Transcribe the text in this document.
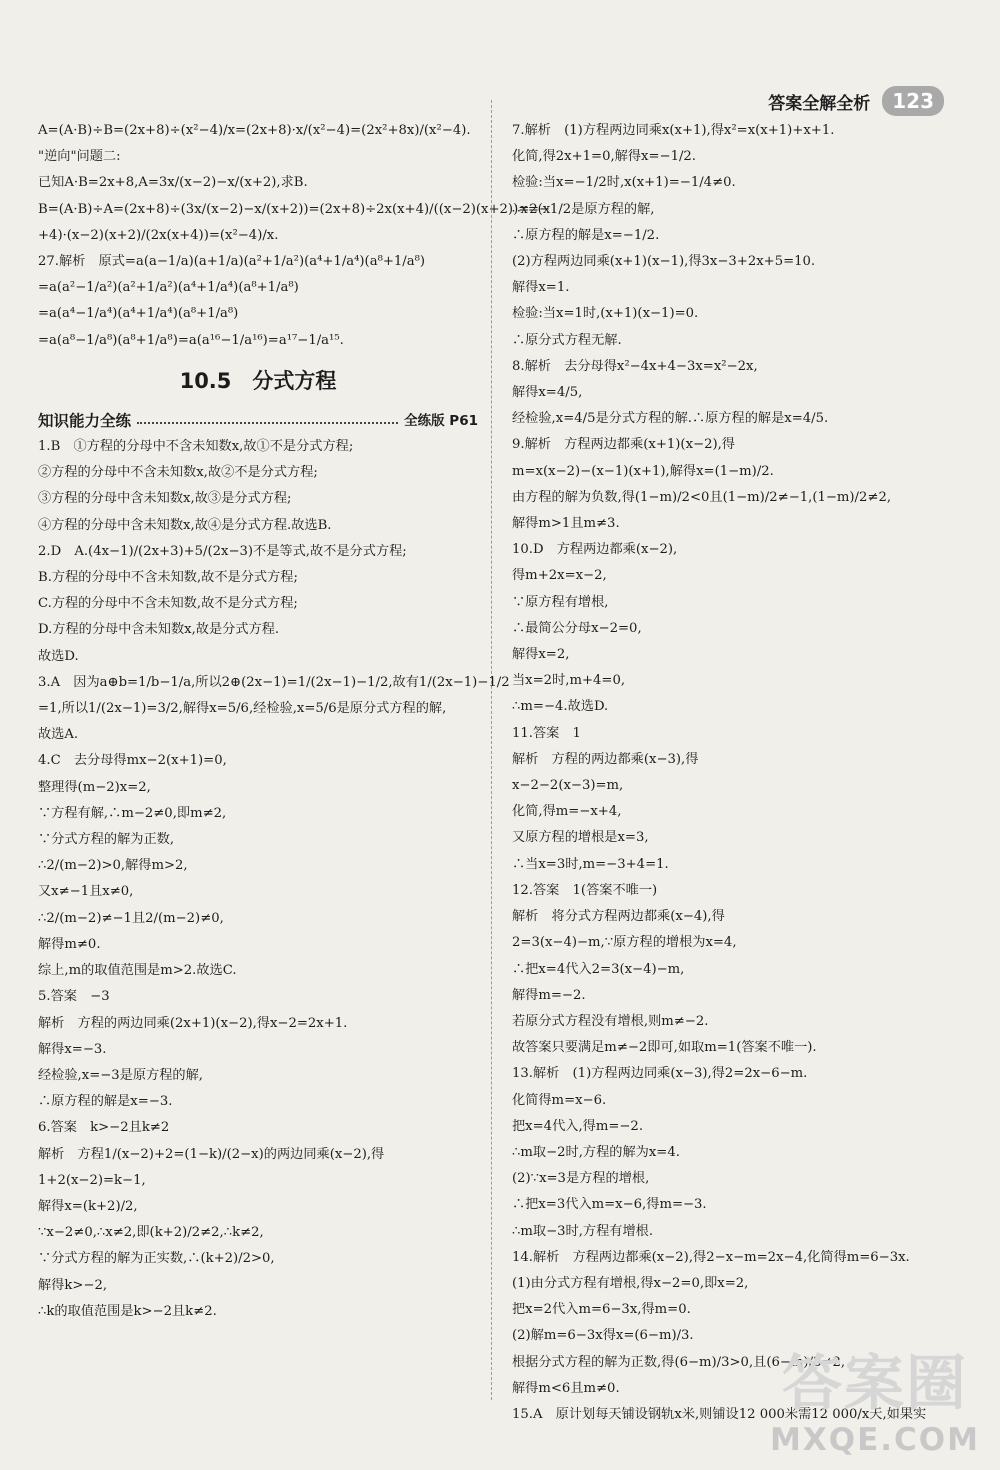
答案全解全析	123
A=(A·B)÷B=(2x+8)÷(x²−4)/x=(2x+8)·x/(x²−4)=(2x²+8x)/(x²−4).
"逆向"问题二:
已知A·B=2x+8,A=3x/(x−2)−x/(x+2),求B.
B=(A·B)÷A=(2x+8)÷(3x/(x−2)−x/(x+2))=(2x+8)÷2x(x+4)/((x−2)(x+2))=2(x
+4)·(x−2)(x+2)/(2x(x+4))=(x²−4)/x.
27.解析　原式=a(a−1/a)(a+1/a)(a²+1/a²)(a⁴+1/a⁴)(a⁸+1/a⁸)
=a(a²−1/a²)(a²+1/a²)(a⁴+1/a⁴)(a⁸+1/a⁸)
=a(a⁴−1/a⁴)(a⁴+1/a⁴)(a⁸+1/a⁸)
=a(a⁸−1/a⁸)(a⁸+1/a⁸)=a(a¹⁶−1/a¹⁶)=a¹⁷−1/a¹⁵.
10.5　分式方程
知识能力全练	全练版 P61
1.B　①方程的分母中不含未知数x,故①不是分式方程;
②方程的分母中不含未知数x,故②不是分式方程;
③方程的分母中含未知数x,故③是分式方程;
④方程的分母中含未知数x,故④是分式方程.故选B.
2.D　A.(4x−1)/(2x+3)+5/(2x−3)不是等式,故不是分式方程;
B.方程的分母中不含未知数,故不是分式方程;
C.方程的分母中不含未知数,故不是分式方程;
D.方程的分母中含未知数x,故是分式方程.
故选D.
3.A　因为a⊕b=1/b−1/a,所以2⊕(2x−1)=1/(2x−1)−1/2,故有1/(2x−1)−1/2
=1,所以1/(2x−1)=3/2,解得x=5/6,经检验,x=5/6是原分式方程的解,
故选A.
4.C　去分母得mx−2(x+1)=0,
整理得(m−2)x=2,
∵方程有解,∴m−2≠0,即m≠2,
∵分式方程的解为正数,
∴2/(m−2)>0,解得m>2,
又x≠−1且x≠0,
∴2/(m−2)≠−1且2/(m−2)≠0,
解得m≠0.
综上,m的取值范围是m>2.故选C.
5.答案　−3
解析　方程的两边同乘(2x+1)(x−2),得x−2=2x+1.
解得x=−3.
经检验,x=−3是原方程的解,
∴原方程的解是x=−3.
6.答案　k>−2且k≠2
解析　方程1/(x−2)+2=(1−k)/(2−x)的两边同乘(x−2),得
1+2(x−2)=k−1,
解得x=(k+2)/2,
∵x−2≠0,∴x≠2,即(k+2)/2≠2,∴k≠2,
∵分式方程的解为正实数,∴(k+2)/2>0,
解得k>−2,
∴k的取值范围是k>−2且k≠2.
7.解析　(1)方程两边同乘x(x+1),得x²=x(x+1)+x+1.
化简,得2x+1=0,解得x=−1/2.
检验:当x=−1/2时,x(x+1)=−1/4≠0.
∴x=−1/2是原方程的解,
∴原方程的解是x=−1/2.
(2)方程两边同乘(x+1)(x−1),得3x−3+2x+5=10.
解得x=1.
检验:当x=1时,(x+1)(x−1)=0.
∴原分式方程无解.
8.解析　去分母得x²−4x+4−3x=x²−2x,
解得x=4/5,
经检验,x=4/5是分式方程的解.∴原方程的解是x=4/5.
9.解析　方程两边都乘(x+1)(x−2),得
m=x(x−2)−(x−1)(x+1),解得x=(1−m)/2.
由方程的解为负数,得(1−m)/2<0且(1−m)/2≠−1,(1−m)/2≠2,
解得m>1且m≠3.
10.D　方程两边都乘(x−2),
得m+2x=x−2,
∵原方程有增根,
∴最简公分母x−2=0,
解得x=2,
当x=2时,m+4=0,
∴m=−4.故选D.
11.答案　1
解析　方程的两边都乘(x−3),得
x−2−2(x−3)=m,
化简,得m=−x+4,
又原方程的增根是x=3,
∴当x=3时,m=−3+4=1.
12.答案　1(答案不唯一)
解析　将分式方程两边都乘(x−4),得
2=3(x−4)−m,∵原方程的增根为x=4,
∴把x=4代入2=3(x−4)−m,
解得m=−2.
若原分式方程没有增根,则m≠−2.
故答案只要满足m≠−2即可,如取m=1(答案不唯一).
13.解析　(1)方程两边同乘(x−3),得2=2x−6−m.
化简得m=x−6.
把x=4代入,得m=−2.
∴m取−2时,方程的解为x=4.
(2)∵x=3是方程的增根,
∴把x=3代入m=x−6,得m=−3.
∴m取−3时,方程有增根.
14.解析　方程两边都乘(x−2),得2−x−m=2x−4,化简得m=6−3x.
(1)由分式方程有增根,得x−2=0,即x=2,
把x=2代入m=6−3x,得m=0.
(2)解m=6−3x得x=(6−m)/3.
根据分式方程的解为正数,得(6−m)/3>0,且(6−m)/3≠2,
解得m<6且m≠0.
15.A　原计划每天铺设钢轨x米,则铺设12 000米需12 000/x天,如果实
答案圈
MXQE.COM
